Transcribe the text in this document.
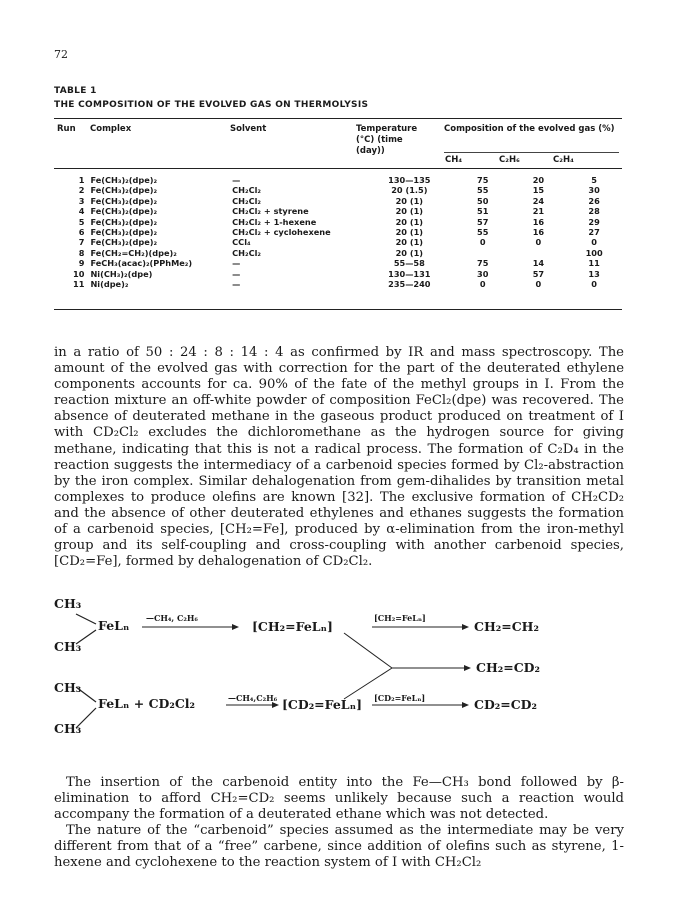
72
TABLE 1
THE COMPOSITION OF THE EVOLVED GAS ON THERMOLYSIS
Run Complex	Solvent	Temperature
(°C) (time
(day))
Composition of the evolved gas (%)
CH₄	C₂H₆	C₂H₄
1	Fe(CH₃)₂(dpe)₂	—	130—135	75	20	5
2	Fe(CH₃)₂(dpe)₂	CH₂Cl₂	20 (1.5)	55	15	30
3	Fe(CH₃)₂(dpe)₂	CH₂Cl₂	20 (1)	50	24	26
4	Fe(CH₃)₂(dpe)₂	CH₂Cl₂ + styrene	20 (1)	51	21	28
5	Fe(CH₃)₂(dpe)₂	CH₂Cl₂ + 1-hexene	20 (1)	57	16	29
6	Fe(CH₃)₂(dpe)₂	CH₂Cl₂ + cyclohexene	20 (1)	55	16	27
7	Fe(CH₃)₂(dpe)₂	CCl₄	20 (1)	0	0	0
8	Fe(CH₂=CH₂)(dpe)₂	CH₂Cl₂	20 (1)			100
9	FeCH₃(acac)₂(PPhMe₂)	—	55—58	75	14	11
10	Ni(CH₃)₂(dpe)	—	130—131	30	57	13
11	Ni(dpe)₂	—	235—240	0	0	0

in a ratio of 50 : 24 : 8 : 14 : 4 as confirmed by IR and mass spectroscopy. The amount of the evolved gas with correction for the part of the deuterated ethylene components accounts for ca. 90% of the fate of the methyl groups in I. From the reaction mixture an off-white powder of composition FeCl₂(dpe) was recovered. The absence of deuterated methane in the gaseous product produced on treatment of I with CD₂Cl₂ excludes the dichloromethane as the hydrogen source for giving methane, indicating that this is not a radical process. The formation of C₂D₄ in the reaction suggests the intermediacy of a carbenoid species formed by Cl₂-abstraction by the iron complex. Similar dehalogenation from gem-dihalides by transition metal complexes to produce olefins are known [32]. The exclusive formation of CH₂CD₂ and the absence of other deuterated ethylenes and ethanes suggests the formation of a carbenoid species, [CH₂=Fe], produced by α-elimination from the iron-methyl group and its self-coupling and cross-coupling with another carbenoid species, [CD₂=Fe], formed by dehalogenation of CD₂Cl₂.

CH₃
FeLₙ
CH₃
—CH₄, C₂H₆
[CH₂=FeLₙ]
[CH₂=FeLₙ]
CH₂=CH₂
CH₂=CD₂
CH₃
FeLₙ + CD₂Cl₂
CH₃
—CH₄,C₂H₆ [CD₂=FeLₙ] [CD₂=FeLₙ]	CD₂=CD₂

The insertion of the carbenoid entity into the Fe—CH₃ bond followed by β-elimination to afford CH₂=CD₂ seems unlikely because such a reaction would accompany the formation of a deuterated ethane which was not detected.

The nature of the “carbenoid” species assumed as the intermediate may be very different from that of a “free” carbene, since addition of olefins such as styrene, 1-hexene and cyclohexene to the reaction system of I with CH₂Cl₂
